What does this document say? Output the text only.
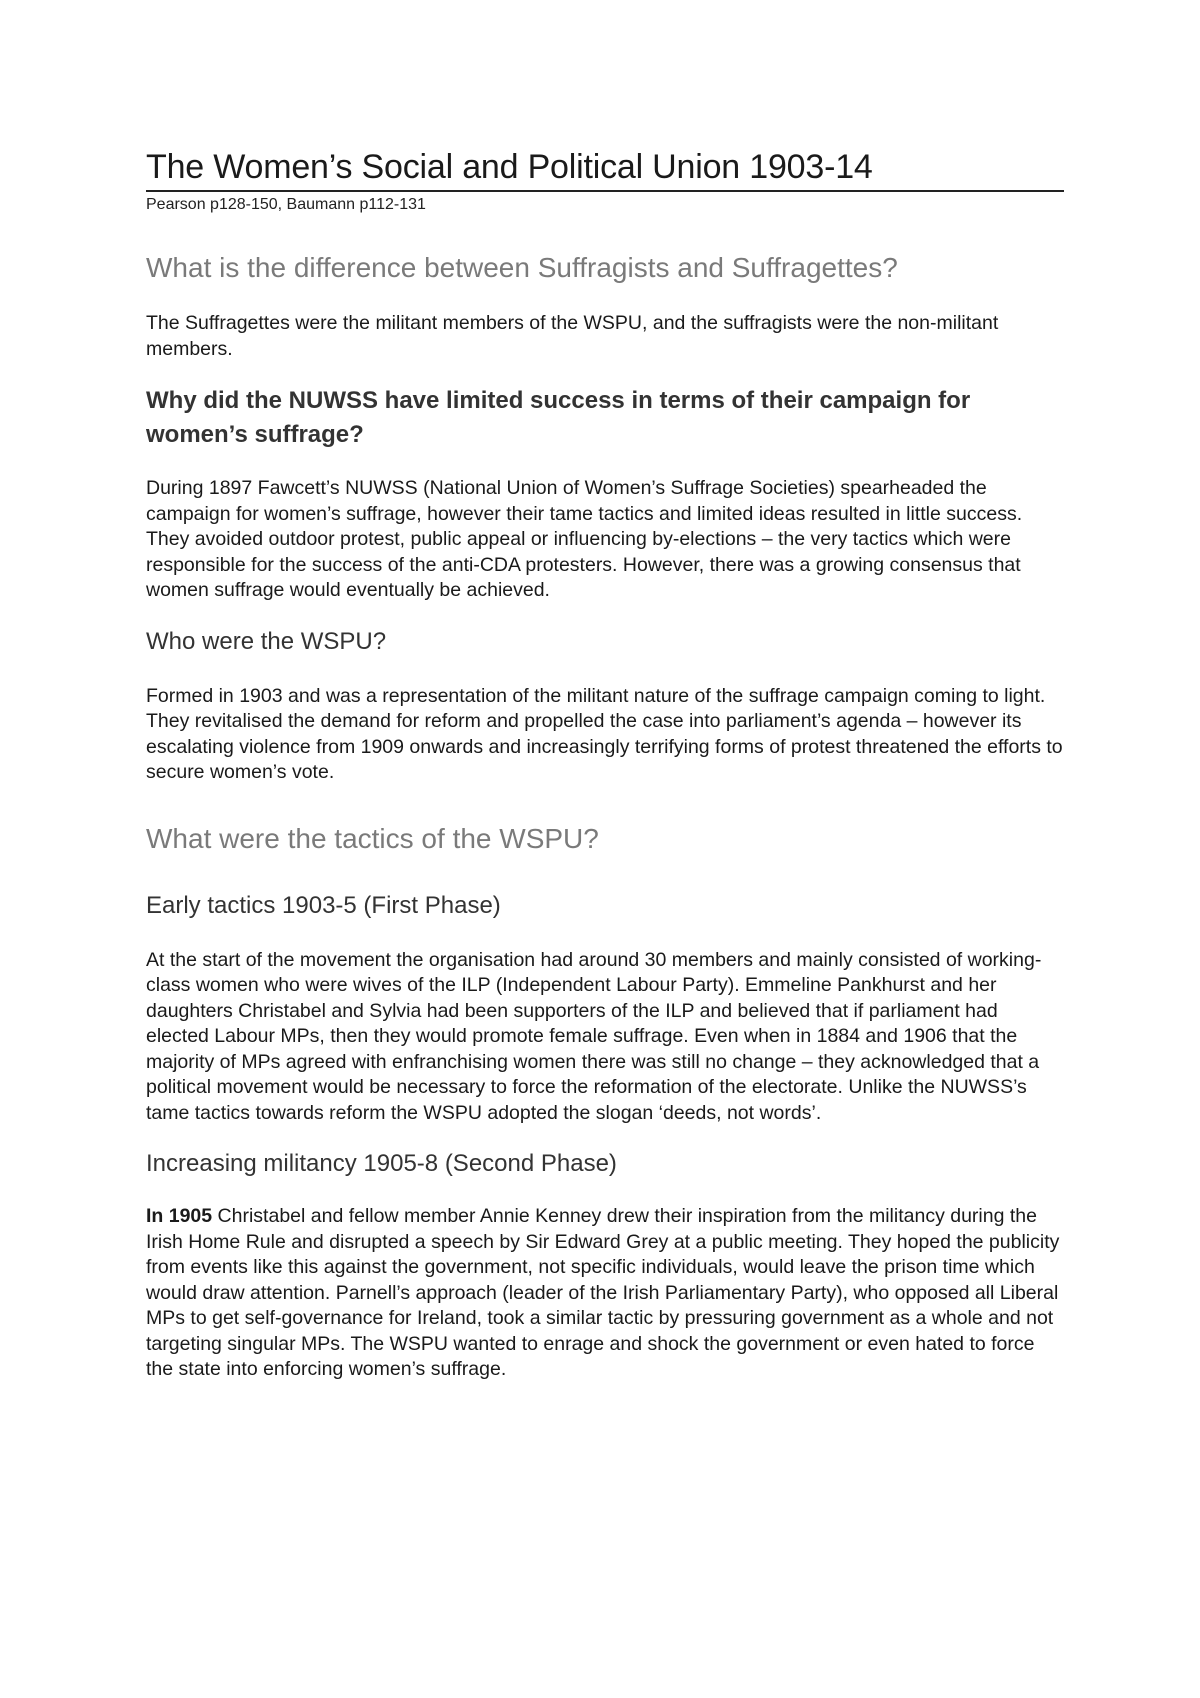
The Women’s Social and Political Union 1903-14

Pearson p128-150, Baumann p112-131

What is the difference between Suffragists and Suffragettes?

The Suffragettes were the militant members of the WSPU, and the suffragists were the non-militant members.

Why did the NUWSS have limited success in terms of their campaign for women’s suffrage?

During 1897 Fawcett’s NUWSS (National Union of Women’s Suffrage Societies) spearheaded the campaign for women’s suffrage, however their tame tactics and limited ideas resulted in little success. They avoided outdoor protest, public appeal or influencing by-elections – the very tactics which were responsible for the success of the anti-CDA protesters. However, there was a growing consensus that women suffrage would eventually be achieved.

Who were the WSPU?

Formed in 1903 and was a representation of the militant nature of the suffrage campaign coming to light. They revitalised the demand for reform and propelled the case into parliament’s agenda – however its escalating violence from 1909 onwards and increasingly terrifying forms of protest threatened the efforts to secure women’s vote.

What were the tactics of the WSPU?
Early tactics 1903-5 (First Phase)

At the start of the movement the organisation had around 30 members and mainly consisted of working-class women who were wives of the ILP (Independent Labour Party). Emmeline Pankhurst and her daughters Christabel and Sylvia had been supporters of the ILP and believed that if parliament had elected Labour MPs, then they would promote female suffrage. Even when in 1884 and 1906 that the majority of MPs agreed with enfranchising women there was still no change – they acknowledged that a political movement would be necessary to force the reformation of the electorate. Unlike the NUWSS’s tame tactics towards reform the WSPU adopted the slogan ‘deeds, not words’.

Increasing militancy 1905-8 (Second Phase)

In 1905 Christabel and fellow member Annie Kenney drew their inspiration from the militancy during the Irish Home Rule and disrupted a speech by Sir Edward Grey at a public meeting. They hoped the publicity from events like this against the government, not specific individuals, would leave the prison time which would draw attention. Parnell’s approach (leader of the Irish Parliamentary Party), who opposed all Liberal MPs to get self-governance for Ireland, took a similar tactic by pressuring government as a whole and not targeting singular MPs. The WSPU wanted to enrage and shock the government or even hated to force the state into enforcing women’s suffrage.
